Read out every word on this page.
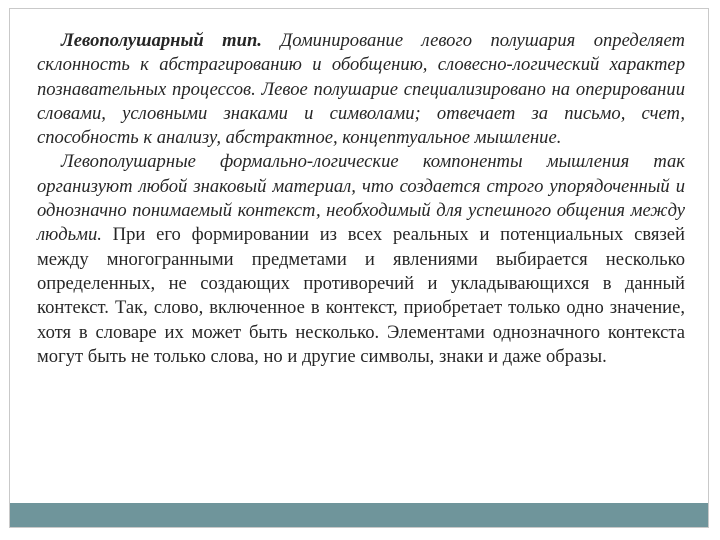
Левополушарный тип. Доминирование левого полушария определяет склонность к абстрагированию и обобщению, словесно-логический характер познавательных процессов. Левое полушарие специализировано на оперировании словами, условными знаками и символами; отвечает за письмо, счет, способность к анализу, абстрактное, концептуальное мышление.

Левополушарные формально-логические компоненты мышления так организуют любой знаковый материал, что создается строго упорядоченный и однозначно понимаемый контекст, необходимый для успешного общения между людьми. При его формировании из всех реальных и потенциальных связей между многогранными предметами и явлениями выбирается несколько определенных, не создающих противоречий и укладывающихся в данный контекст. Так, слово, включенное в контекст, приобретает только одно значение, хотя в словаре их может быть несколько. Элементами однозначного контекста могут быть не только слова, но и другие символы, знаки и даже образы.
